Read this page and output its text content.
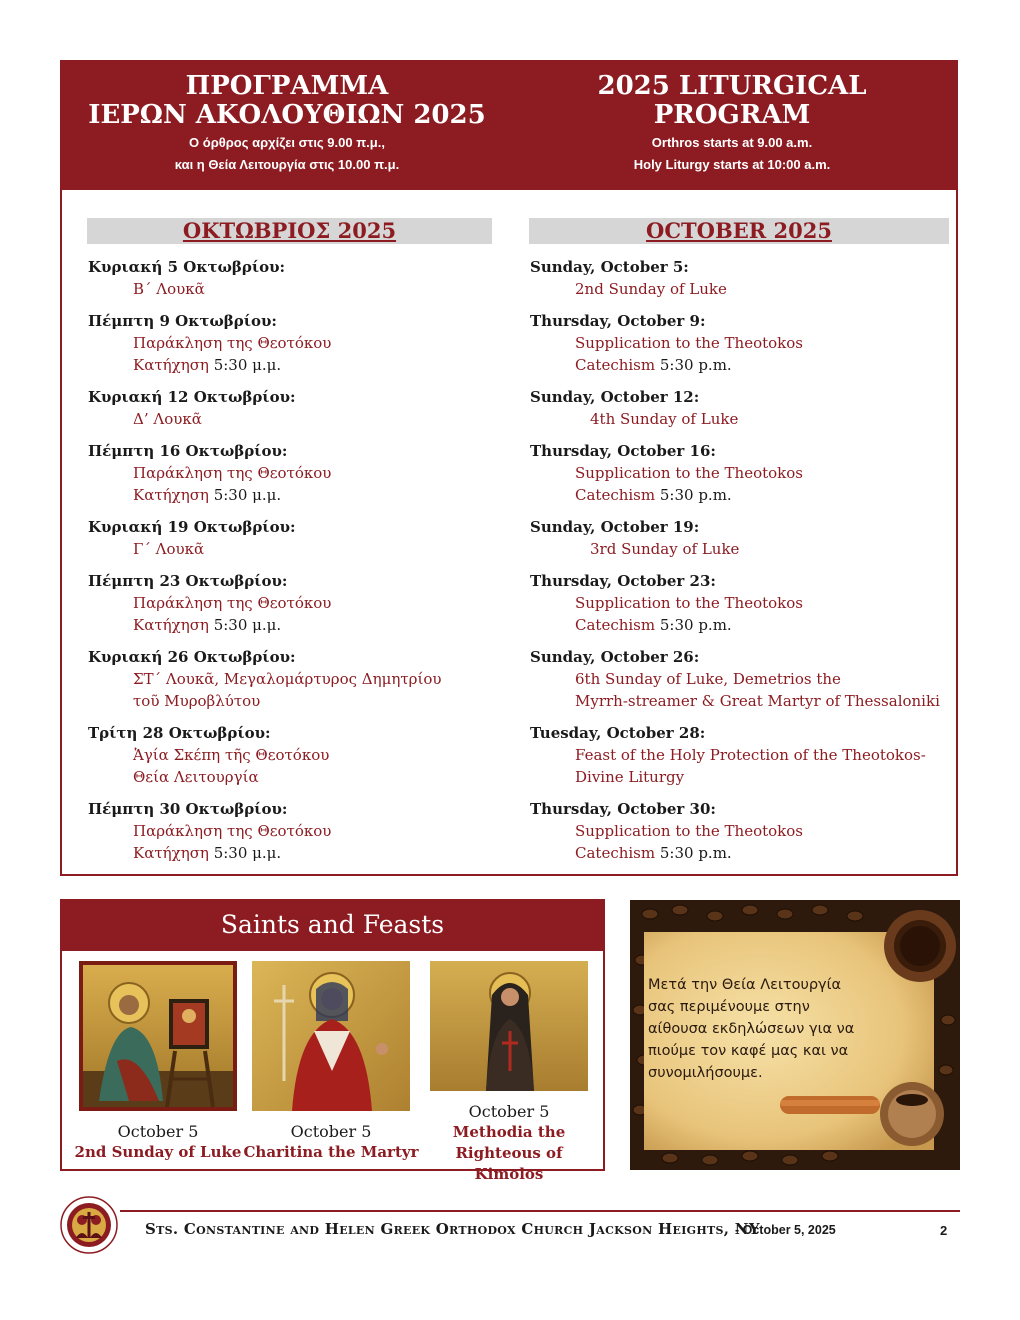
ΠΡΟΓΡΑΜΜΑ
ΙΕΡΩΝ ΑΚΟΛΟΥΘΙΩΝ 2025
Ο όρθρος αρχίζει στις 9.00 π.μ.,
και η Θεία Λειτουργία στις 10.00 π.μ.
2025 LITURGICAL
PROGRAM
Orthros starts at 9.00 a.m.
Holy Liturgy starts at 10:00 a.m.
ΟΚΤΩΒΡΙΟΣ 2025	OCTOBER 2025
Κυριακή 5 Οκτωβρίου:
Β΄ Λουκᾶ
Πέμπτη 9 Οκτωβρίου:
Παράκληση της Θεοτόκου
Κατήχηση 5:30 μ.μ.
Κυριακή 12 Οκτωβρίου:
Δ’ Λουκᾶ
Πέμπτη 16 Οκτωβρίου:
Παράκληση της Θεοτόκου
Κατήχηση 5:30 μ.μ.
Κυριακή 19 Οκτωβρίου:
Γ΄ Λουκᾶ
Πέμπτη 23 Οκτωβρίου:
Παράκληση της Θεοτόκου
Κατήχηση 5:30 μ.μ.
Κυριακή 26 Οκτωβρίου:
ΣΤ΄ Λουκᾶ, Μεγαλομάρτυρος Δημητρίου
τοῦ Μυροβλύτου
Τρίτη 28 Οκτωβρίου:
Ἁγία Σκέπη τῆς Θεοτόκου
Θεία Λειτουργία
Πέμπτη 30 Οκτωβρίου:
Παράκληση της Θεοτόκου
Κατήχηση 5:30 μ.μ.
Sunday, October 5:
2nd Sunday of Luke
Thursday, October 9:
Supplication to the Theotokos
Catechism 5:30 p.m.
Sunday, October 12:
4th Sunday of Luke
Thursday, October 16:
Supplication to the Theotokos
Catechism 5:30 p.m.
Sunday, October 19:
3rd Sunday of Luke
Thursday, October 23:
Supplication to the Theotokos
Catechism 5:30 p.m.
Sunday, October 26:
6th Sunday of Luke, Demetrios the
Myrrh-streamer & Great Martyr of Thessaloniki
Tuesday, October 28:
Feast of the Holy Protection of the Theotokos-
Divine Liturgy
Thursday, October 30:
Supplication to the Theotokos
Catechism 5:30 p.m.
Saints and Feasts
October 5
2nd Sunday of Luke
October 5
Charitina the Martyr
October 5
Methodia the
Righteous of Kimolos
Μετά την Θεία Λειτουργία
σας περιμένουμε στην
αίθουσα εκδηλώσεων για να
πιούμε τον καφέ μας και να
συνομιλήσουμε.
Sts. Constantine and Helen Greek Orthodox Church Jackson Heights, NY
- October 5, 2025	2
